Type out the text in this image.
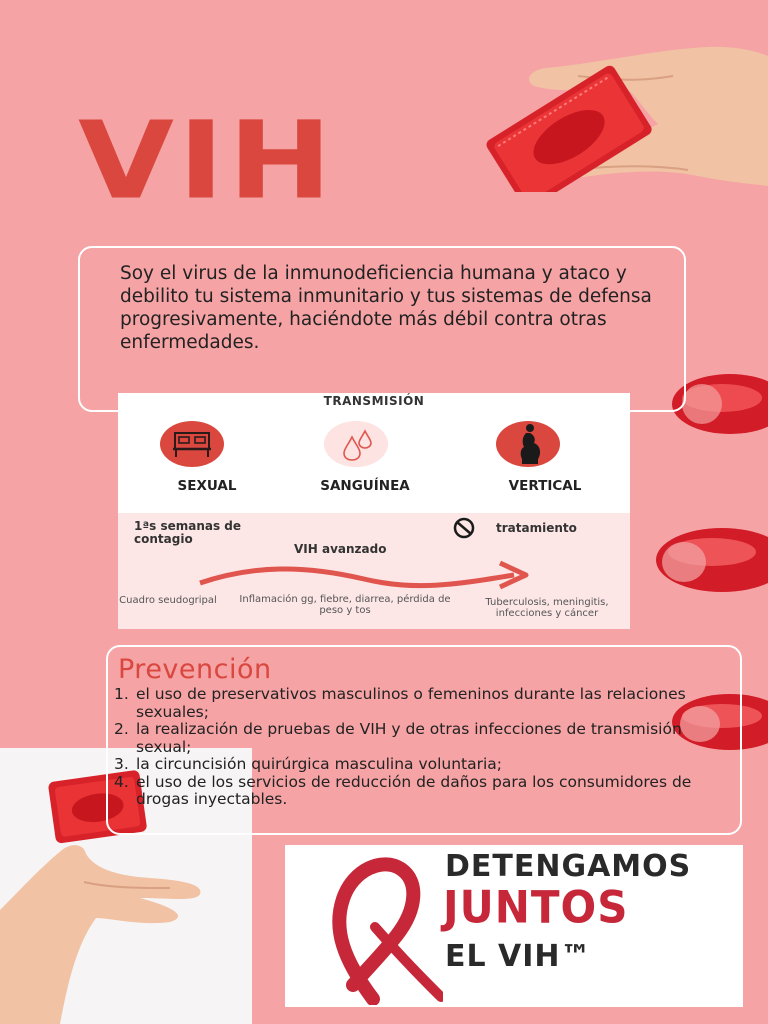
VIH

Soy el virus de la inmunodeficiencia humana y ataco y debilito tu sistema inmunitario y tus sistemas de defensa progresivamente, haciéndote más débil contra otras enfermedades.

TRANSMISIÓN
SEXUAL	SANGUÍNEA	VERTICAL
1ªs semanas de contagio
tratamiento
VIH avanzado
Cuadro seudogripal	Inflamación gg, fiebre, diarrea, pérdida de peso y tos
Tuberculosis, meningitis, infecciones y cáncer
Prevención
1. el uso de preservativos masculinos o femeninos durante las relaciones sexuales;
2. la realización de pruebas de VIH y de otras infecciones de transmisión sexual;
3. la circuncisión quirúrgica masculina voluntaria;
4. el uso de los servicios de reducción de daños para los consumidores de drogas inyectables.
DETENGAMOS
JUNTOS
EL VIH™
